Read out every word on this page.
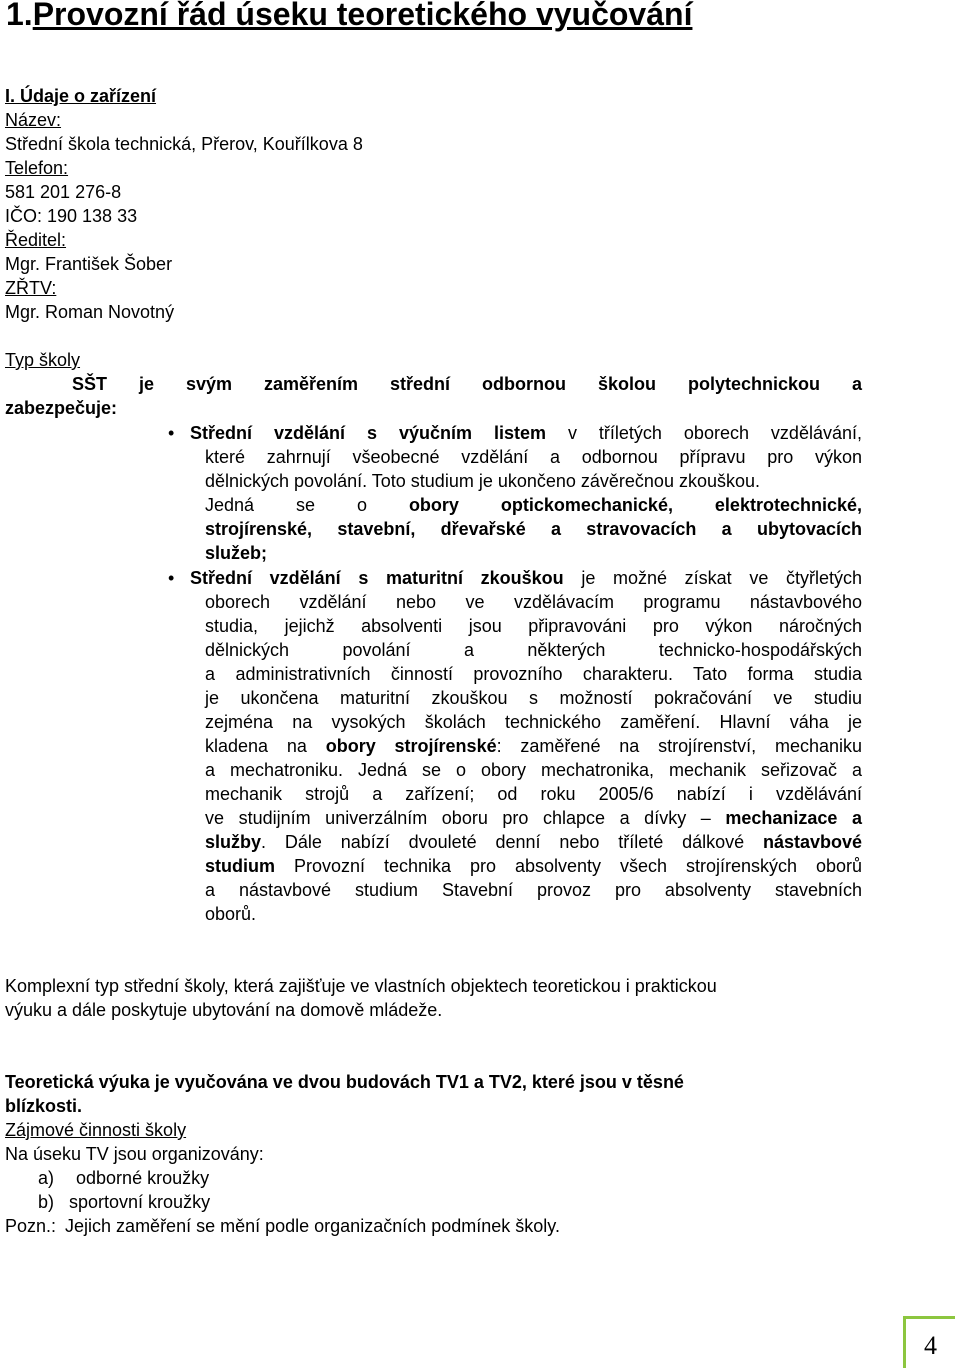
1.Provozní řád úseku teoretického vyučování
I. Údaje o zařízení
Název:
Střední škola technická, Přerov, Kouřílkova 8
Telefon:
581 201 276-8
IČO: 190 138 33
Ředitel:
Mgr. František Šober
ZŘTV:
Mgr. Roman Novotný
Typ školy
SŠT je svým zaměřením střední odbornou školou polytechnickou a
zabezpečuje:
• Střední vzdělání s výučním listem v tříletých oborech vzdělávání,
které zahrnují všeobecné vzdělání a odbornou přípravu pro výkon
dělnických povolání. Toto studium je ukončeno závěrečnou zkouškou.
Jedná se o obory optickomechanické, elektrotechnické,
strojírenské, stavební, dřevařské a stravovacích a ubytovacích
služeb;
• Střední vzdělání s maturitní zkouškou je možné získat ve čtyřletých
oborech vzdělání nebo ve vzdělávacím programu nástavbového
studia, jejichž absolventi jsou připravováni pro výkon náročných
dělnických povolání a některých technicko-hospodářských
a administrativních činností provozního charakteru. Tato forma studia
je ukončena maturitní zkouškou s možností pokračování ve studiu
zejména na vysokých školách technického zaměření. Hlavní váha je
kladena na obory strojírenské: zaměřené na strojírenství, mechaniku
a mechatroniku. Jedná se o obory mechatronika, mechanik seřizovač a
mechanik strojů a zařízení; od roku 2005/6 nabízí i vzdělávání
ve studijním univerzálním oboru pro chlapce a dívky – mechanizace a
služby. Dále nabízí dvouleté denní nebo tříleté dálkové nástavbové
studium Provozní technika pro absolventy všech strojírenských oborů
a nástavbové studium Stavební provoz pro absolventy stavebních
oborů.
Komplexní typ střední školy, která zajišťuje ve vlastních objektech teoretickou i praktickou
výuku a dále poskytuje ubytování na domově mládeže.
Teoretická výuka je vyučována ve dvou budovách TV1 a TV2, které jsou v těsné
blízkosti.
Zájmové činnosti školy
Na úseku TV jsou organizovány:
a) odborné kroužky
b) sportovní kroužky
Pozn.: Jejich zaměření se mění podle organizačních podmínek školy.
4
